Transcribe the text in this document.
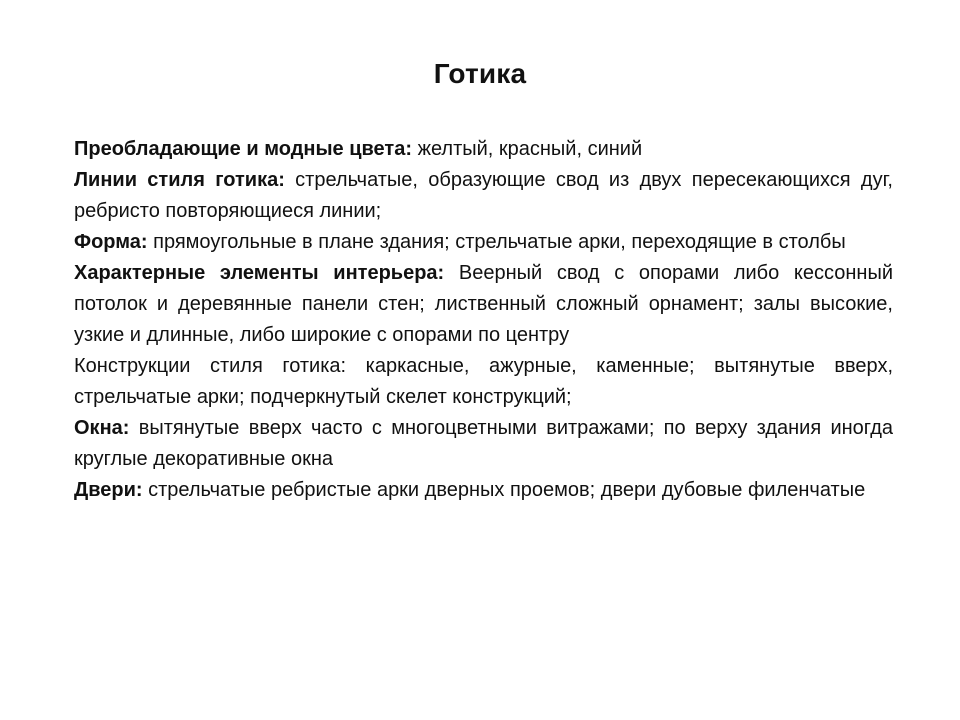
Готика

Преобладающие и модные цвета: желтый, красный, синий

Линии стиля готика: стрельчатые, образующие свод из двух пересекающихся дуг, ребристо повторяющиеся линии;

Форма: прямоугольные в плане здания; стрельчатые арки, переходящие в столбы

Характерные элементы интерьера: Веерный свод с опорами либо кессонный потолок и деревянные панели стен; лиственный сложный орнамент; залы высокие, узкие и длинные, либо широкие с опорами по центру

Конструкции стиля готика: каркасные, ажурные, каменные; вытянутые вверх, стрельчатые арки; подчеркнутый скелет конструкций;

Окна: вытянутые вверх часто с многоцветными витражами; по верху здания иногда круглые декоративные окна

Двери: стрельчатые ребристые арки дверных проемов; двери дубовые филенчатые
